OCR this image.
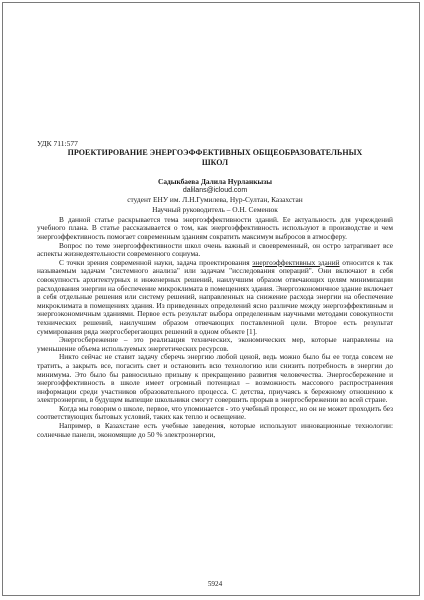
УДК 711:577

ПРОЕКТИРОВАНИЕ ЭНЕРГОЭФФЕКТИВНЫХ ОБЩЕОБРАЗОВАТЕЛЬНЫХ
ШКОЛ
Садыкбаева Далила Нурланкызы
dalilans@icloud.com
студент ЕНУ им. Л.Н.Гумилева, Нур-Султан, Казахстан
Научный руководитель – О.Н. Семенюк

В данной статье раскрывается тема энергоэффективности зданий. Ее актуальность для учреждений учебного плана. В статье рассказывается о том, как энергоэффективность используют в производстве и чем энергоэффективность помогает современным зданиям сократить максимум выбросов в атмосферу.

Вопрос по теме энергоэффективности школ очень важный и своевременный, он остро затрагивает все аспекты жизнедеятельности современного социума.

С точки зрения современной науки, задача проектирования энергоэффективных зданий относится к так называемым задачам "системного анализа" или задачам "исследования операций". Они включают в себя совокупность архитектурных и инженерных решений, наилучшим образом отвечающих целям минимизации расходования энергии на обеспечение микроклимата в помещениях здания. Энергоэкономичное здание включает в себя отдельные решения или систему решений, направленных на снижение расхода энергии на обеспечение микроклимата в помещениях здания. Из приведенных определений ясно различие между энергоэффективным и энергоэкономичным зданиями. Первое есть результат выбора определенным научными методами совокупности технических решений, наилучшим образом отвечающих поставленной цели. Второе есть результат суммирования ряда энергосберегающих решений в одном объекте [1].

Энергосбережение – это реализация технических, экономических мер, которые направлены на уменьшение объема используемых энергетических ресурсов.

Никто сейчас не ставит задачу сберечь энергию любой ценой, ведь можно было бы ее тогда совсем не тратить, а закрыть все, погасить свет и остановить всю технологию или снизить потребность в энергии до минимума. Это было бы равносильно призыву к прекращению развития человечества. Энергосбережение и энергоэффективность в школе имеет огромный потенциал – возможность массового распространения информации среди участников образовательного процесса. С детства, приучаясь к бережному отношению к электроэнергии, в будущем выпещие школьники смогут совершить прорыв в энергосбережении во всей стране.

Когда мы говорим о школе, первое, что упоминается - это учебный процесс, но он не может проходить без соответствующих бытовых условий, таких как тепло и освещение.

Например, в Казахстане есть учебные заведения, которые используют инновационные технологии: солнечные панели, экономящие до 50 % электроэнергии,

5924
